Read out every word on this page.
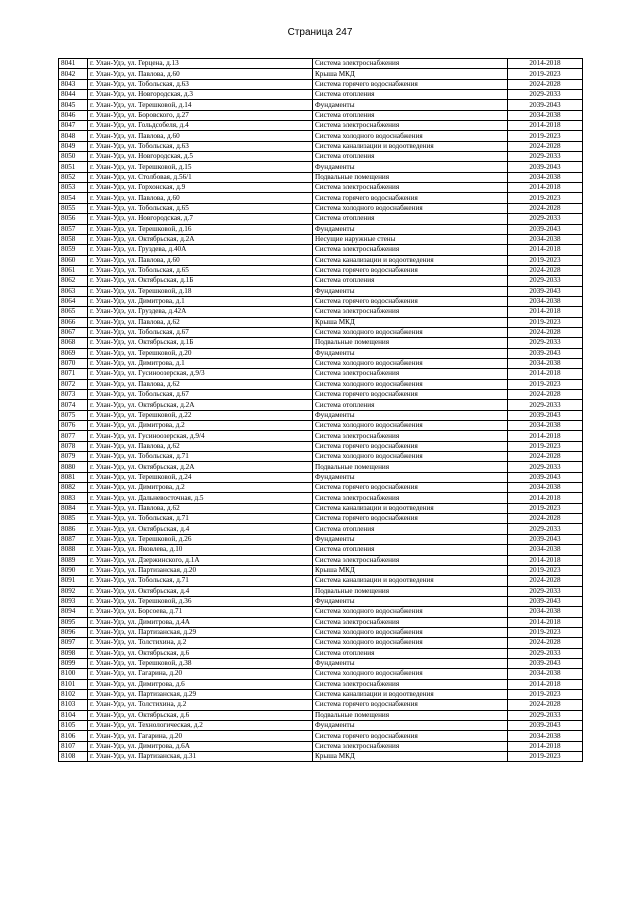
Страница 247
8041	г. Улан-Удэ, ул. Герцена, д.13	Система электроснабжения	2014-2018
8042	г. Улан-Удэ, ул. Павлова, д.60	Крыша МКД	2019-2023
8043	г. Улан-Удэ, ул. Тобольская, д.63	Система горячего водоснабжения	2024-2028
8044	г. Улан-Удэ, ул. Новгородская, д.3	Система отопления	2029-2033
8045	г. Улан-Удэ, ул. Терешковой, д.14	Фундаменты	2039-2043
8046	г. Улан-Удэ, ул. Боровского, д.27	Система отопления	2034-2038
8047	г. Улан-Удэ, ул. Гольдсобеля, д.4	Система электроснабжения	2014-2018
8048	г. Улан-Удэ, ул. Павлова, д.60	Система холодного водоснабжения	2019-2023
8049	г. Улан-Удэ, ул. Тобольская, д.63	Система канализации и водоотведения	2024-2028
8050	г. Улан-Удэ, ул. Новгородская, д.5	Система отопления	2029-2033
8051	г. Улан-Удэ, ул. Терешковой, д.15	Фундаменты	2039-2043
8052	г. Улан-Удэ, ул. Столбовая, д.56/1	Подвальные помещения	2034-2038
8053	г. Улан-Удэ, ул. Горхонская, д.9	Система электроснабжения	2014-2018
8054	г. Улан-Удэ, ул. Павлова, д.60	Система горячего водоснабжения	2019-2023
8055	г. Улан-Удэ, ул. Тобольская, д.65	Система холодного водоснабжения	2024-2028
8056	г. Улан-Удэ, ул. Новгородская, д.7	Система отопления	2029-2033
8057	г. Улан-Удэ, ул. Терешковой, д.16	Фундаменты	2039-2043
8058	г. Улан-Удэ, ул. Октябрьская, д.2А	Несущие наружные стены	2034-2038
8059	г. Улан-Удэ, ул. Груздева, д.40А	Система электроснабжения	2014-2018
8060	г. Улан-Удэ, ул. Павлова, д.60	Система канализации и водоотведения	2019-2023
8061	г. Улан-Удэ, ул. Тобольская, д.65	Система горячего водоснабжения	2024-2028
8062	г. Улан-Удэ, ул. Октябрьская, д.1Б	Система отопления	2029-2033
8063	г. Улан-Удэ, ул. Терешковой, д.18	Фундаменты	2039-2043
8064	г. Улан-Удэ, ул. Димитрова, д.1	Система горячего водоснабжения	2034-2038
8065	г. Улан-Удэ, ул. Груздева, д.42А	Система электроснабжения	2014-2018
8066	г. Улан-Удэ, ул. Павлова, д.62	Крыша МКД	2019-2023
8067	г. Улан-Удэ, ул. Тобольская, д.67	Система холодного водоснабжения	2024-2028
8068	г. Улан-Удэ, ул. Октябрьская, д.1Б	Подвальные помещения	2029-2033
8069	г. Улан-Удэ, ул. Терешковой, д.20	Фундаменты	2039-2043
8070	г. Улан-Удэ, ул. Димитрова, д.1	Система холодного водоснабжения	2034-2038
8071	г. Улан-Удэ, ул. Гусиноозерская, д.9/3	Система электроснабжения	2014-2018
8072	г. Улан-Удэ, ул. Павлова, д.62	Система холодного водоснабжения	2019-2023
8073	г. Улан-Удэ, ул. Тобольская, д.67	Система горячего водоснабжения	2024-2028
8074	г. Улан-Удэ, ул. Октябрьская, д.2А	Система отопления	2029-2033
8075	г. Улан-Удэ, ул. Терешковой, д.22	Фундаменты	2039-2043
8076	г. Улан-Удэ, ул. Димитрова, д.2	Система холодного водоснабжения	2034-2038
8077	г. Улан-Удэ, ул. Гусиноозерская, д.9/4	Система электроснабжения	2014-2018
8078	г. Улан-Удэ, ул. Павлова, д.62	Система горячего водоснабжения	2019-2023
8079	г. Улан-Удэ, ул. Тобольская, д.71	Система холодного водоснабжения	2024-2028
8080	г. Улан-Удэ, ул. Октябрьская, д.2А	Подвальные помещения	2029-2033
8081	г. Улан-Удэ, ул. Терешковой, д.24	Фундаменты	2039-2043
8082	г. Улан-Удэ, ул. Димитрова, д.2	Система горячего водоснабжения	2034-2038
8083	г. Улан-Удэ, ул. Дальневосточная, д.5	Система электроснабжения	2014-2018
8084	г. Улан-Удэ, ул. Павлова, д.62	Система канализации и водоотведения	2019-2023
8085	г. Улан-Удэ, ул. Тобольская, д.71	Система горячего водоснабжения	2024-2028
8086	г. Улан-Удэ, ул. Октябрьская, д.4	Система отопления	2029-2033
8087	г. Улан-Удэ, ул. Терешковой, д.26	Фундаменты	2039-2043
8088	г. Улан-Удэ, ул. Яковлева, д.10	Система отопления	2034-2038
8089	г. Улан-Удэ, ул. Дзержинского, д.1А	Система электроснабжения	2014-2018
8090	г. Улан-Удэ, ул. Партизанская, д.20	Крыша МКД	2019-2023
8091	г. Улан-Удэ, ул. Тобольская, д.71	Система канализации и водоотведения	2024-2028
8092	г. Улан-Удэ, ул. Октябрьская, д.4	Подвальные помещения	2029-2033
8093	г. Улан-Удэ, ул. Терешковой, д.36	Фундаменты	2039-2043
8094	г. Улан-Удэ, ул. Борсоева, д.71	Система холодного водоснабжения	2034-2038
8095	г. Улан-Удэ, ул. Димитрова, д.4А	Система электроснабжения	2014-2018
8096	г. Улан-Удэ, ул. Партизанская, д.29	Система холодного водоснабжения	2019-2023
8097	г. Улан-Удэ, ул. Толстихина, д.2	Система холодного водоснабжения	2024-2028
8098	г. Улан-Удэ, ул. Октябрьская, д.6	Система отопления	2029-2033
8099	г. Улан-Удэ, ул. Терешковой, д.38	Фундаменты	2039-2043
8100	г. Улан-Удэ, ул. Гагарина, д.20	Система холодного водоснабжения	2034-2038
8101	г. Улан-Удэ, ул. Димитрова, д.6	Система электроснабжения	2014-2018
8102	г. Улан-Удэ, ул. Партизанская, д.29	Система канализации и водоотведения	2019-2023
8103	г. Улан-Удэ, ул. Толстихина, д.2	Система горячего водоснабжения	2024-2028
8104	г. Улан-Удэ, ул. Октябрьская, д.6	Подвальные помещения	2029-2033
8105	г. Улан-Удэ, ул. Технологическая, д.2	Фундаменты	2039-2043
8106	г. Улан-Удэ, ул. Гагарина, д.20	Система горячего водоснабжения	2034-2038
8107	г. Улан-Удэ, ул. Димитрова, д.6А	Система электроснабжения	2014-2018
8108	г. Улан-Удэ, ул. Партизанская, д.31	Крыша МКД	2019-2023
